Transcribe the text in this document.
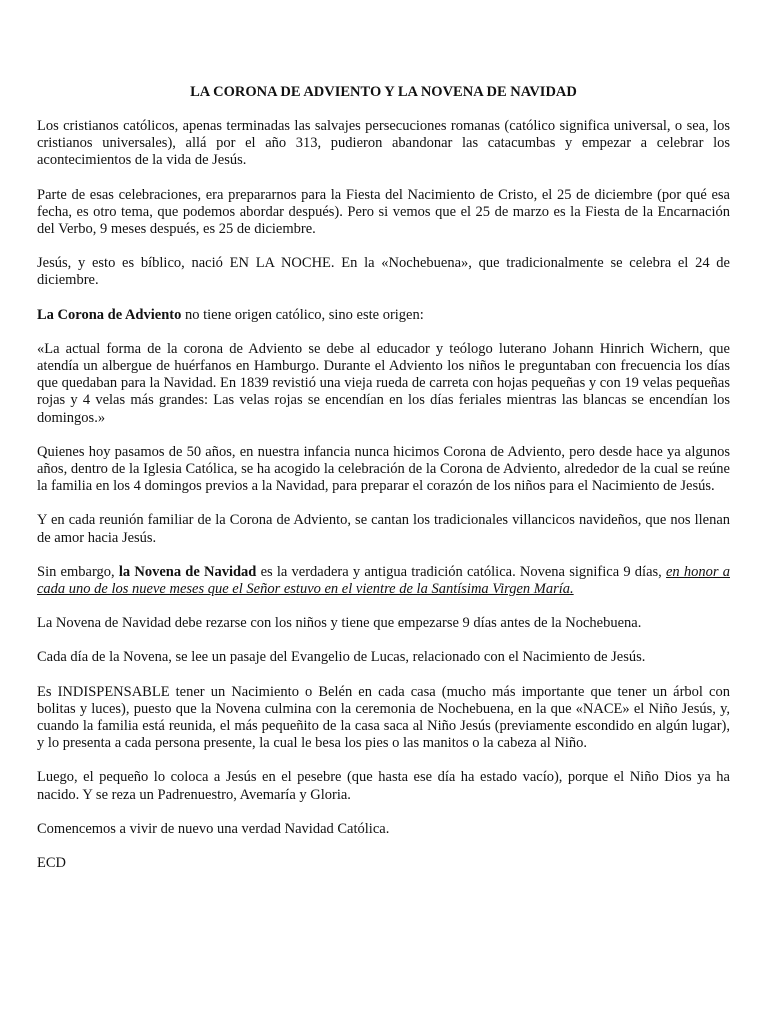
LA CORONA DE ADVIENTO Y LA NOVENA DE NAVIDAD

Los cristianos católicos, apenas terminadas las salvajes persecuciones romanas (católico significa universal, o sea, los cristianos universales), allá por el año 313, pudieron abandonar las catacumbas y empezar a celebrar los acontecimientos de la vida de Jesús.

Parte de esas celebraciones, era prepararnos para la Fiesta del Nacimiento de Cristo, el 25 de diciembre (por qué esa fecha, es otro tema, que podemos abordar después). Pero si vemos que el 25 de marzo es la Fiesta de la Encarnación del Verbo, 9 meses después, es 25 de diciembre.

Jesús, y esto es bíblico, nació EN LA NOCHE. En la «Nochebuena», que tradicionalmente se celebra el 24 de diciembre.

La Corona de Adviento no tiene origen católico, sino este origen:

«La actual forma de la corona de Adviento se debe al educador y teólogo luterano Johann Hinrich Wichern, que atendía un albergue de huérfanos en Hamburgo. Durante el Adviento los niños le preguntaban con frecuencia los días que quedaban para la Navidad. En 1839 revistió una vieja rueda de carreta con hojas pequeñas y con 19 velas pequeñas rojas y 4 velas más grandes: Las velas rojas se encendían en los días feriales mientras las blancas se encendían los domingos.»

Quienes hoy pasamos de 50 años, en nuestra infancia nunca hicimos Corona de Adviento, pero desde hace ya algunos años, dentro de la Iglesia Católica, se ha acogido la celebración de la Corona de Adviento, alrededor de la cual se reúne la familia en los 4 domingos previos a la Navidad, para preparar el corazón de los niños para el Nacimiento de Jesús.

Y en cada reunión familiar de la Corona de Adviento, se cantan los tradicionales villancicos navideños, que nos llenan de amor hacia Jesús.

Sin embargo, la Novena de Navidad es la verdadera y antigua tradición católica. Novena significa 9 días, en honor a cada uno de los nueve meses que el Señor estuvo en el vientre de la Santísima Virgen María.

La Novena de Navidad debe rezarse con los niños y tiene que empezarse 9 días antes de la Nochebuena.

Cada día de la Novena, se lee un pasaje del Evangelio de Lucas, relacionado con el Nacimiento de Jesús.

Es INDISPENSABLE tener un Nacimiento o Belén en cada casa (mucho más importante que tener un árbol con bolitas y luces), puesto que la Novena culmina con la ceremonia de Nochebuena, en la que «NACE» el Niño Jesús, y, cuando la familia está reunida, el más pequeñito de la casa saca al Niño Jesús (previamente escondido en algún lugar), y lo presenta a cada persona presente, la cual le besa los pies o las manitos o la cabeza al Niño.

Luego, el pequeño lo coloca a Jesús en el pesebre (que hasta ese día ha estado vacío), porque el Niño Dios ya ha nacido. Y se reza un Padrenuestro, Avemaría y Gloria.

Comencemos a vivir de nuevo una verdad Navidad Católica.

ECD
